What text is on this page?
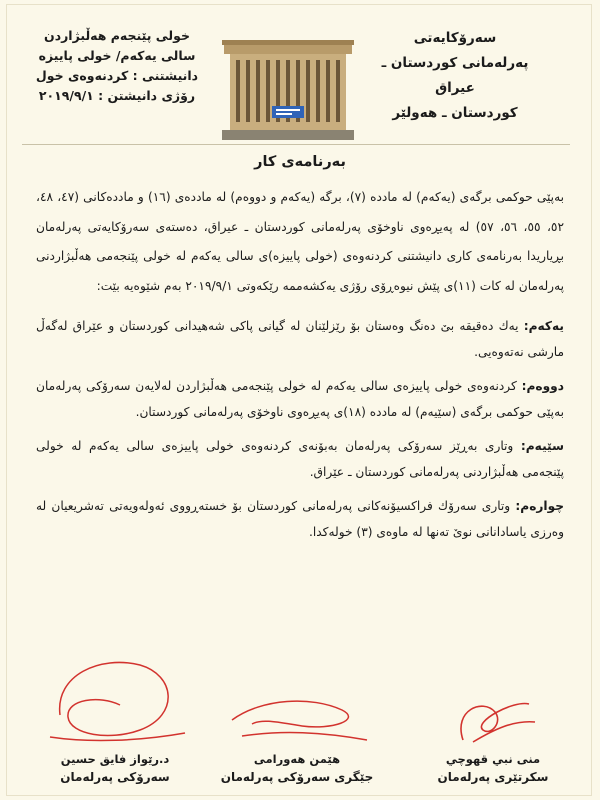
سەرۆكایەتی
پەرلەمانی كوردستان ـ عیراق
كوردستان ـ هەولێر
خولی پێنجەم هەڵبژاردن
سالی یەكەم/ خولی پاییزە
دانیشتنی : كردنەوەی خول
رۆژی دانیشتن : ٢٠١٩/٩/١
بەرنامەی كار

بەپێی حوكمی برگەی (یەكەم) لە ماددە (٧)، برگە (یەكەم و دووەم) لە ماددەی (١٦) و ماددەكانی (٤٧، ٤٨، ٥٢، ٥٥، ٥٦، ٥٧) لە پەیڕەوی ناوخۆی پەرلەمانی كوردستان ـ عیراق، دەستەی سەرۆكایەتی پەرلەمان بڕیاریدا بەرنامەی كاری دانیشتنی كردنەوەی (خولی پاییزە)ی سالی یەكەم لە خولی پێنجەمی هەڵبژاردنی پەرلەمان لە كات (١١)ی پێش نیوەڕۆی رۆژی یەكشەممە رێكەوتی ٢٠١٩/٩/١ بەم شێوەیە بێت:

یەكەم: یەك دەقیقە بێ دەنگ وەستان بۆ رێزلێنان لە گیانی پاكی شەهیدانی كوردستان و عێراق لەگەڵ مارشی نەتەوەیی.
دووەم: كردنەوەی خولی پاییزەی سالی یەكەم لە خولی پێنجەمی هەڵبژاردن لەلایەن سەرۆكی پەرلەمان بەپێی حوكمی برگەی (سێیەم) لە ماددە (١٨)ی پەیڕەوی ناوخۆی پەرلەمانی كوردستان.
سێیەم: وتاری بەڕێز سەرۆكی پەرلەمان بەبۆنەی كردنەوەی خولی پاییزەی سالی یەكەم لە خولی پێنجەمی هەڵبژاردنی پەرلەمانی كوردستان ـ عێراق.
چوارەم: وتاری سەرۆك فراكسیۆنەكانی پەرلەمانی كوردستان بۆ خستەڕووی ئەولەویەتی تەشریعیان لە وەرزی یاسادانانی نوێ تەنها لە ماوەی (٣) خولەكدا.
منى نبي قهوچي
سكرتێری پەرلەمان
هێمن هەورامی
جێگری سەرۆكی پەرلەمان
د.رێواز فایق حسین
سەرۆكی پەرلەمان
